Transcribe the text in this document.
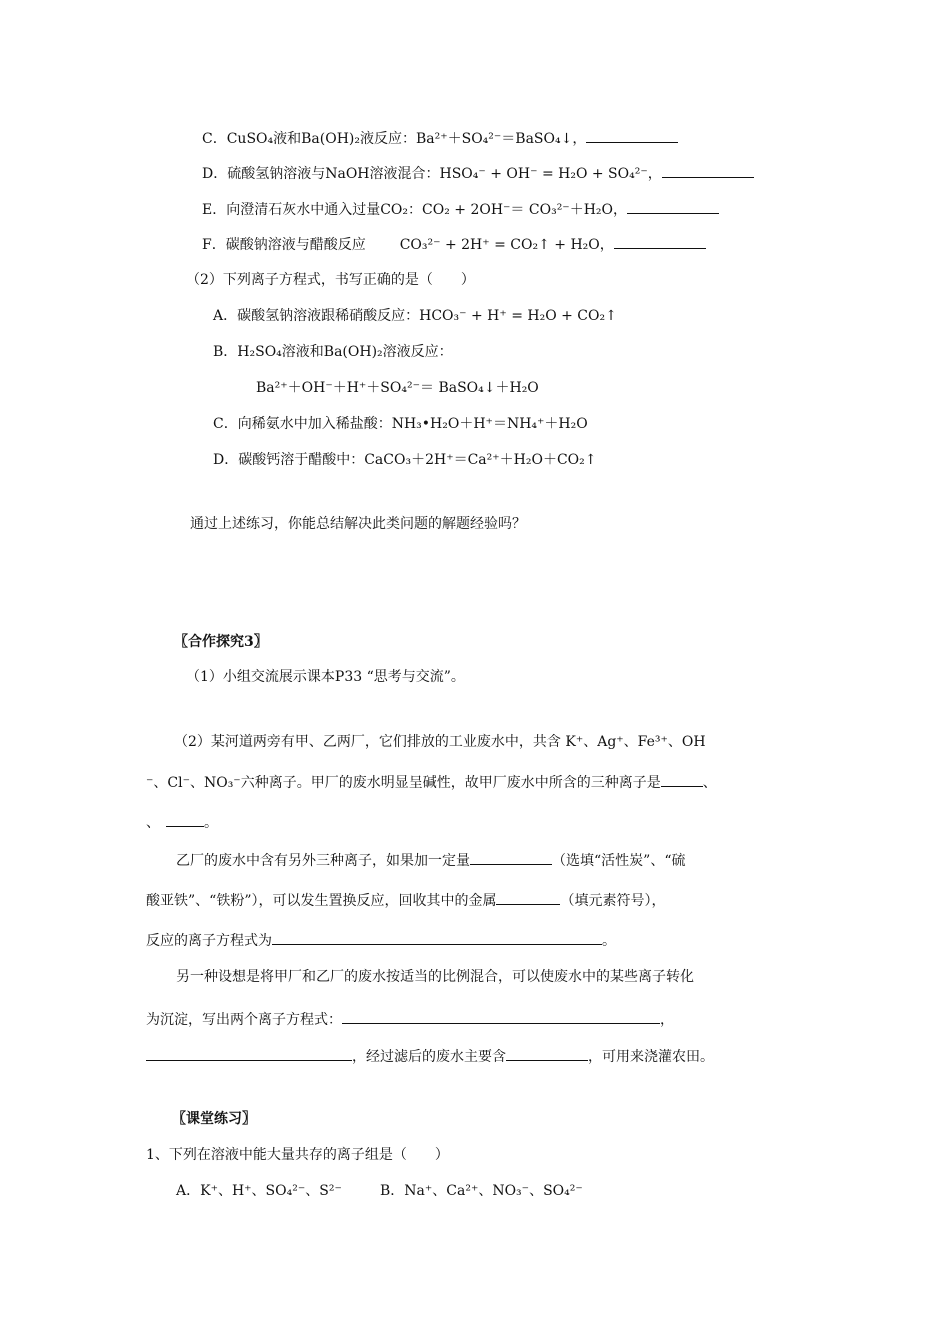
C．CuSO₄液和Ba(OH)₂液反应：Ba²⁺＋SO₄²⁻＝BaSO₄↓，
D．硫酸氢钠溶液与NaOH溶液混合：HSO₄⁻ + OH⁻ = H₂O + SO₄²⁻，
E．向澄清石灰水中通入过量CO₂：CO₂ + 2OH⁻＝ CO₃²⁻＋H₂O，
F．碳酸钠溶液与醋酸反应 CO₃²⁻ + 2H⁺ = CO₂↑ + H₂O，
（2）下列离子方程式，书写正确的是（　　）
A．碳酸氢钠溶液跟稀硝酸反应：HCO₃⁻ + H⁺ = H₂O + CO₂↑
B．H₂SO₄溶液和Ba(OH)₂溶液反应：
Ba²⁺＋OH⁻＋H⁺＋SO₄²⁻＝ BaSO₄↓＋H₂O
C．向稀氨水中加入稀盐酸：NH₃•H₂O＋H⁺＝NH₄⁺＋H₂O
D．碳酸钙溶于醋酸中：CaCO₃＋2H⁺＝Ca²⁺＋H₂O＋CO₂↑
通过上述练习，你能总结解决此类问题的解题经验吗？
〖合作探究3〗
（1）小组交流展示课本P33 “思考与交流”。
（2）某河道两旁有甲、乙两厂，它们排放的工业废水中，共含 K⁺、Ag⁺、Fe³⁺、OH
⁻、Cl⁻、NO₃⁻六种离子。甲厂的废水明显呈碱性，故甲厂废水中所含的三种离子是	、
、	。
乙厂的废水中含有另外三种离子，如果加一定量	（选填“活性炭”、“硫
酸亚铁”、“铁粉”），可以发生置换反应，回收其中的金属	（填元素符号），
反应的离子方程式为	。
另一种设想是将甲厂和乙厂的废水按适当的比例混合，可以使废水中的某些离子转化
为沉淀，写出两个离子方程式：	，
，经过滤后的废水主要含	，可用来浇灌农田。
〖课堂练习〗
1、下列在溶液中能大量共存的离子组是（　　）
A．K⁺、H⁺、SO₄²⁻、S²⁻	B．Na⁺、Ca²⁺、NO₃⁻、SO₄²⁻
